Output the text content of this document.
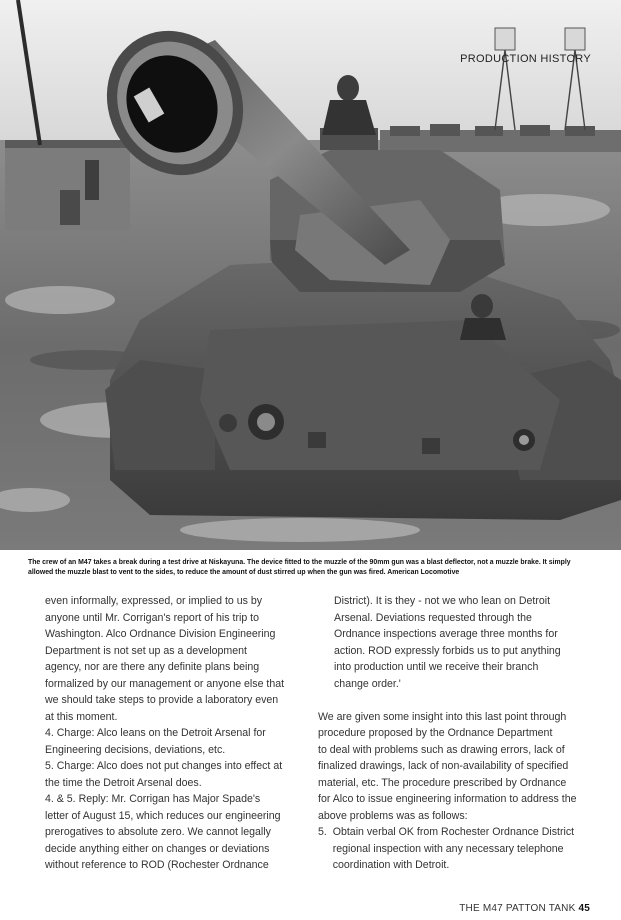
PRODUCTION HISTORY
The crew of an M47 takes a break during a test drive at Niskayuna. The device fitted to the muzzle of the 90mm gun was a blast deflector, not a muzzle brake. It simply allowed the muzzle blast to vent to the sides, to reduce the amount of dust stirred up when the gun was fired. American Locomotive

even informally, expressed, or implied to us by

anyone until Mr. Corrigan's report of his trip to

Washington. Alco Ordnance Division Engineering

Department is not set up as a development

agency, nor are there any definite plans being

formalized by our management or anyone else that

we should take steps to provide a laboratory even

at this moment.

4. Charge: Alco leans on the Detroit Arsenal for

Engineering decisions, deviations, etc.

5. Charge: Alco does not put changes into effect at

the time the Detroit Arsenal does.

4. & 5. Reply: Mr. Corrigan has Major Spade's

letter of August 15, which reduces our engineering

prerogatives to absolute zero. We cannot legally

decide anything either on changes or deviations

without reference to ROD (Rochester Ordnance

District). It is they - not we who lean on Detroit

Arsenal. Deviations requested through the

Ordnance inspections average three months for

action. ROD expressly forbids us to put anything

into production until we receive their branch

change order.'

We are given some insight into this last point through

procedure proposed by the Ordnance Department

to deal with problems such as drawing errors, lack of

finalized drawings, lack of non-availability of specified

material, etc. The procedure prescribed by Ordnance

for Alco to issue engineering information to address the

above problems was as follows:

5.  Obtain verbal OK from Rochester Ordnance District

regional inspection with any necessary telephone

coordination with Detroit.

THE M47 PATTON TANK 45
